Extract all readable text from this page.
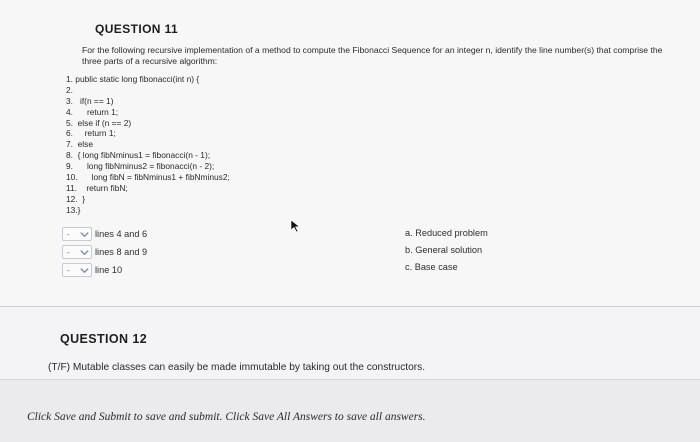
QUESTION 11
For the following recursive implementation of a method to compute the Fibonacci Sequence for an integer n, identify the line number(s) that comprise the three parts of a recursive algorithm:
1. public static long fibonacci(int n) {
2.
3.   if(n == 1)
4.      return 1;
5.  else if (n == 2)
6.     return 1;
7.  else
8.  { long fibNminus1 = fibonacci(n - 1);
9.      long fibNminus2 = fibonacci(n - 2);
10.      long fibN = fibNminus1 + fibNminus2;
11.    return fibN;
12.  }
13.}
-	lines 4 and 6
-	lines 8 and 9
-	line 10
a. Reduced problem
b. General solution
c. Base case
QUESTION 12
(T/F) Mutable classes can easily be made immutable by taking out the constructors.
Click Save and Submit to save and submit. Click Save All Answers to save all answers.
